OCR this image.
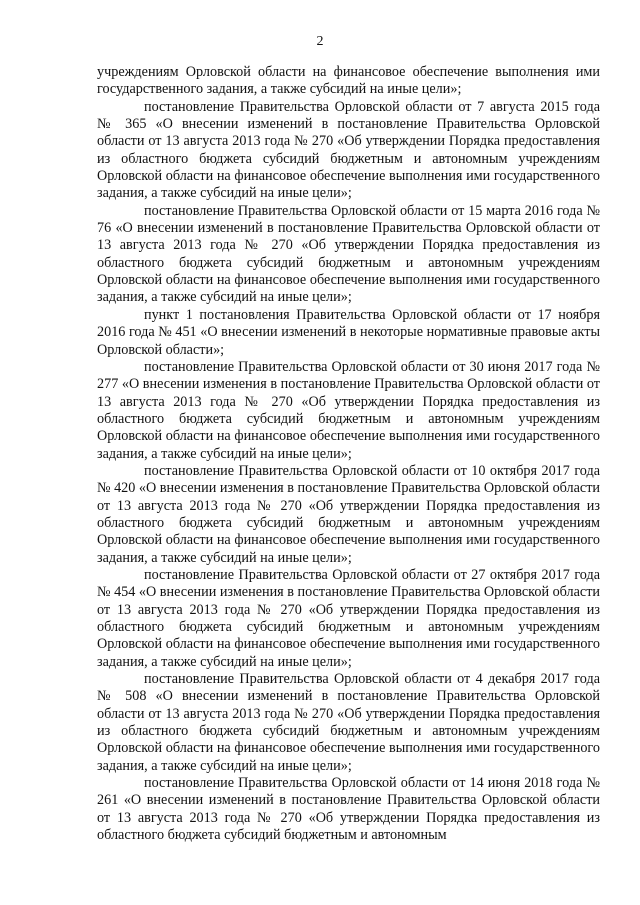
2

учреждениям Орловской области на финансовое обеспечение выполнения ими государственного задания, а также субсидий на иные цели»;

постановление Правительства Орловской области от 7 августа 2015 года № 365 «О внесении изменений в постановление Правительства Орловской области от 13 августа 2013 года № 270 «Об утверждении Порядка предоставления из областного бюджета субсидий бюджетным и автономным учреждениям Орловской области на финансовое обеспечение выполнения ими государственного задания, а также субсидий на иные цели»;

постановление Правительства Орловской области от 15 марта 2016 года № 76 «О внесении изменений в постановление Правительства Орловской области от 13 августа 2013 года № 270 «Об утверждении Порядка предоставления из областного бюджета субсидий бюджетным и автономным учреждениям Орловской области на финансовое обеспечение выполнения ими государственного задания, а также субсидий на иные цели»;

пункт 1 постановления Правительства Орловской области от 17 ноября 2016 года № 451 «О внесении изменений в некоторые нормативные правовые акты Орловской области»;

постановление Правительства Орловской области от 30 июня 2017 года № 277 «О внесении изменения в постановление Правительства Орловской области от 13 августа 2013 года № 270 «Об утверждении Порядка предоставления из областного бюджета субсидий бюджетным и автономным учреждениям Орловской области на финансовое обеспечение выполнения ими государственного задания, а также субсидий на иные цели»;

постановление Правительства Орловской области от 10 октября 2017 года № 420 «О внесении изменения в постановление Правительства Орловской области от 13 августа 2013 года № 270 «Об утверждении Порядка предоставления из областного бюджета субсидий бюджетным и автономным учреждениям Орловской области на финансовое обеспечение выполнения ими государственного задания, а также субсидий на иные цели»;

постановление Правительства Орловской области от 27 октября 2017 года № 454 «О внесении изменения в постановление Правительства Орловской области от 13 августа 2013 года № 270 «Об утверждении Порядка предоставления из областного бюджета субсидий бюджетным и автономным учреждениям Орловской области на финансовое обеспечение выполнения ими государственного задания, а также субсидий на иные цели»;

постановление Правительства Орловской области от 4 декабря 2017 года № 508 «О внесении изменений в постановление Правительства Орловской области от 13 августа 2013 года № 270 «Об утверждении Порядка предоставления из областного бюджета субсидий бюджетным и автономным учреждениям Орловской области на финансовое обеспечение выполнения ими государственного задания, а также субсидий на иные цели»;

постановление Правительства Орловской области от 14 июня 2018 года № 261 «О внесении изменений в постановление Правительства Орловской области от 13 августа 2013 года № 270 «Об утверждении Порядка предоставления из областного бюджета субсидий бюджетным и автономным
